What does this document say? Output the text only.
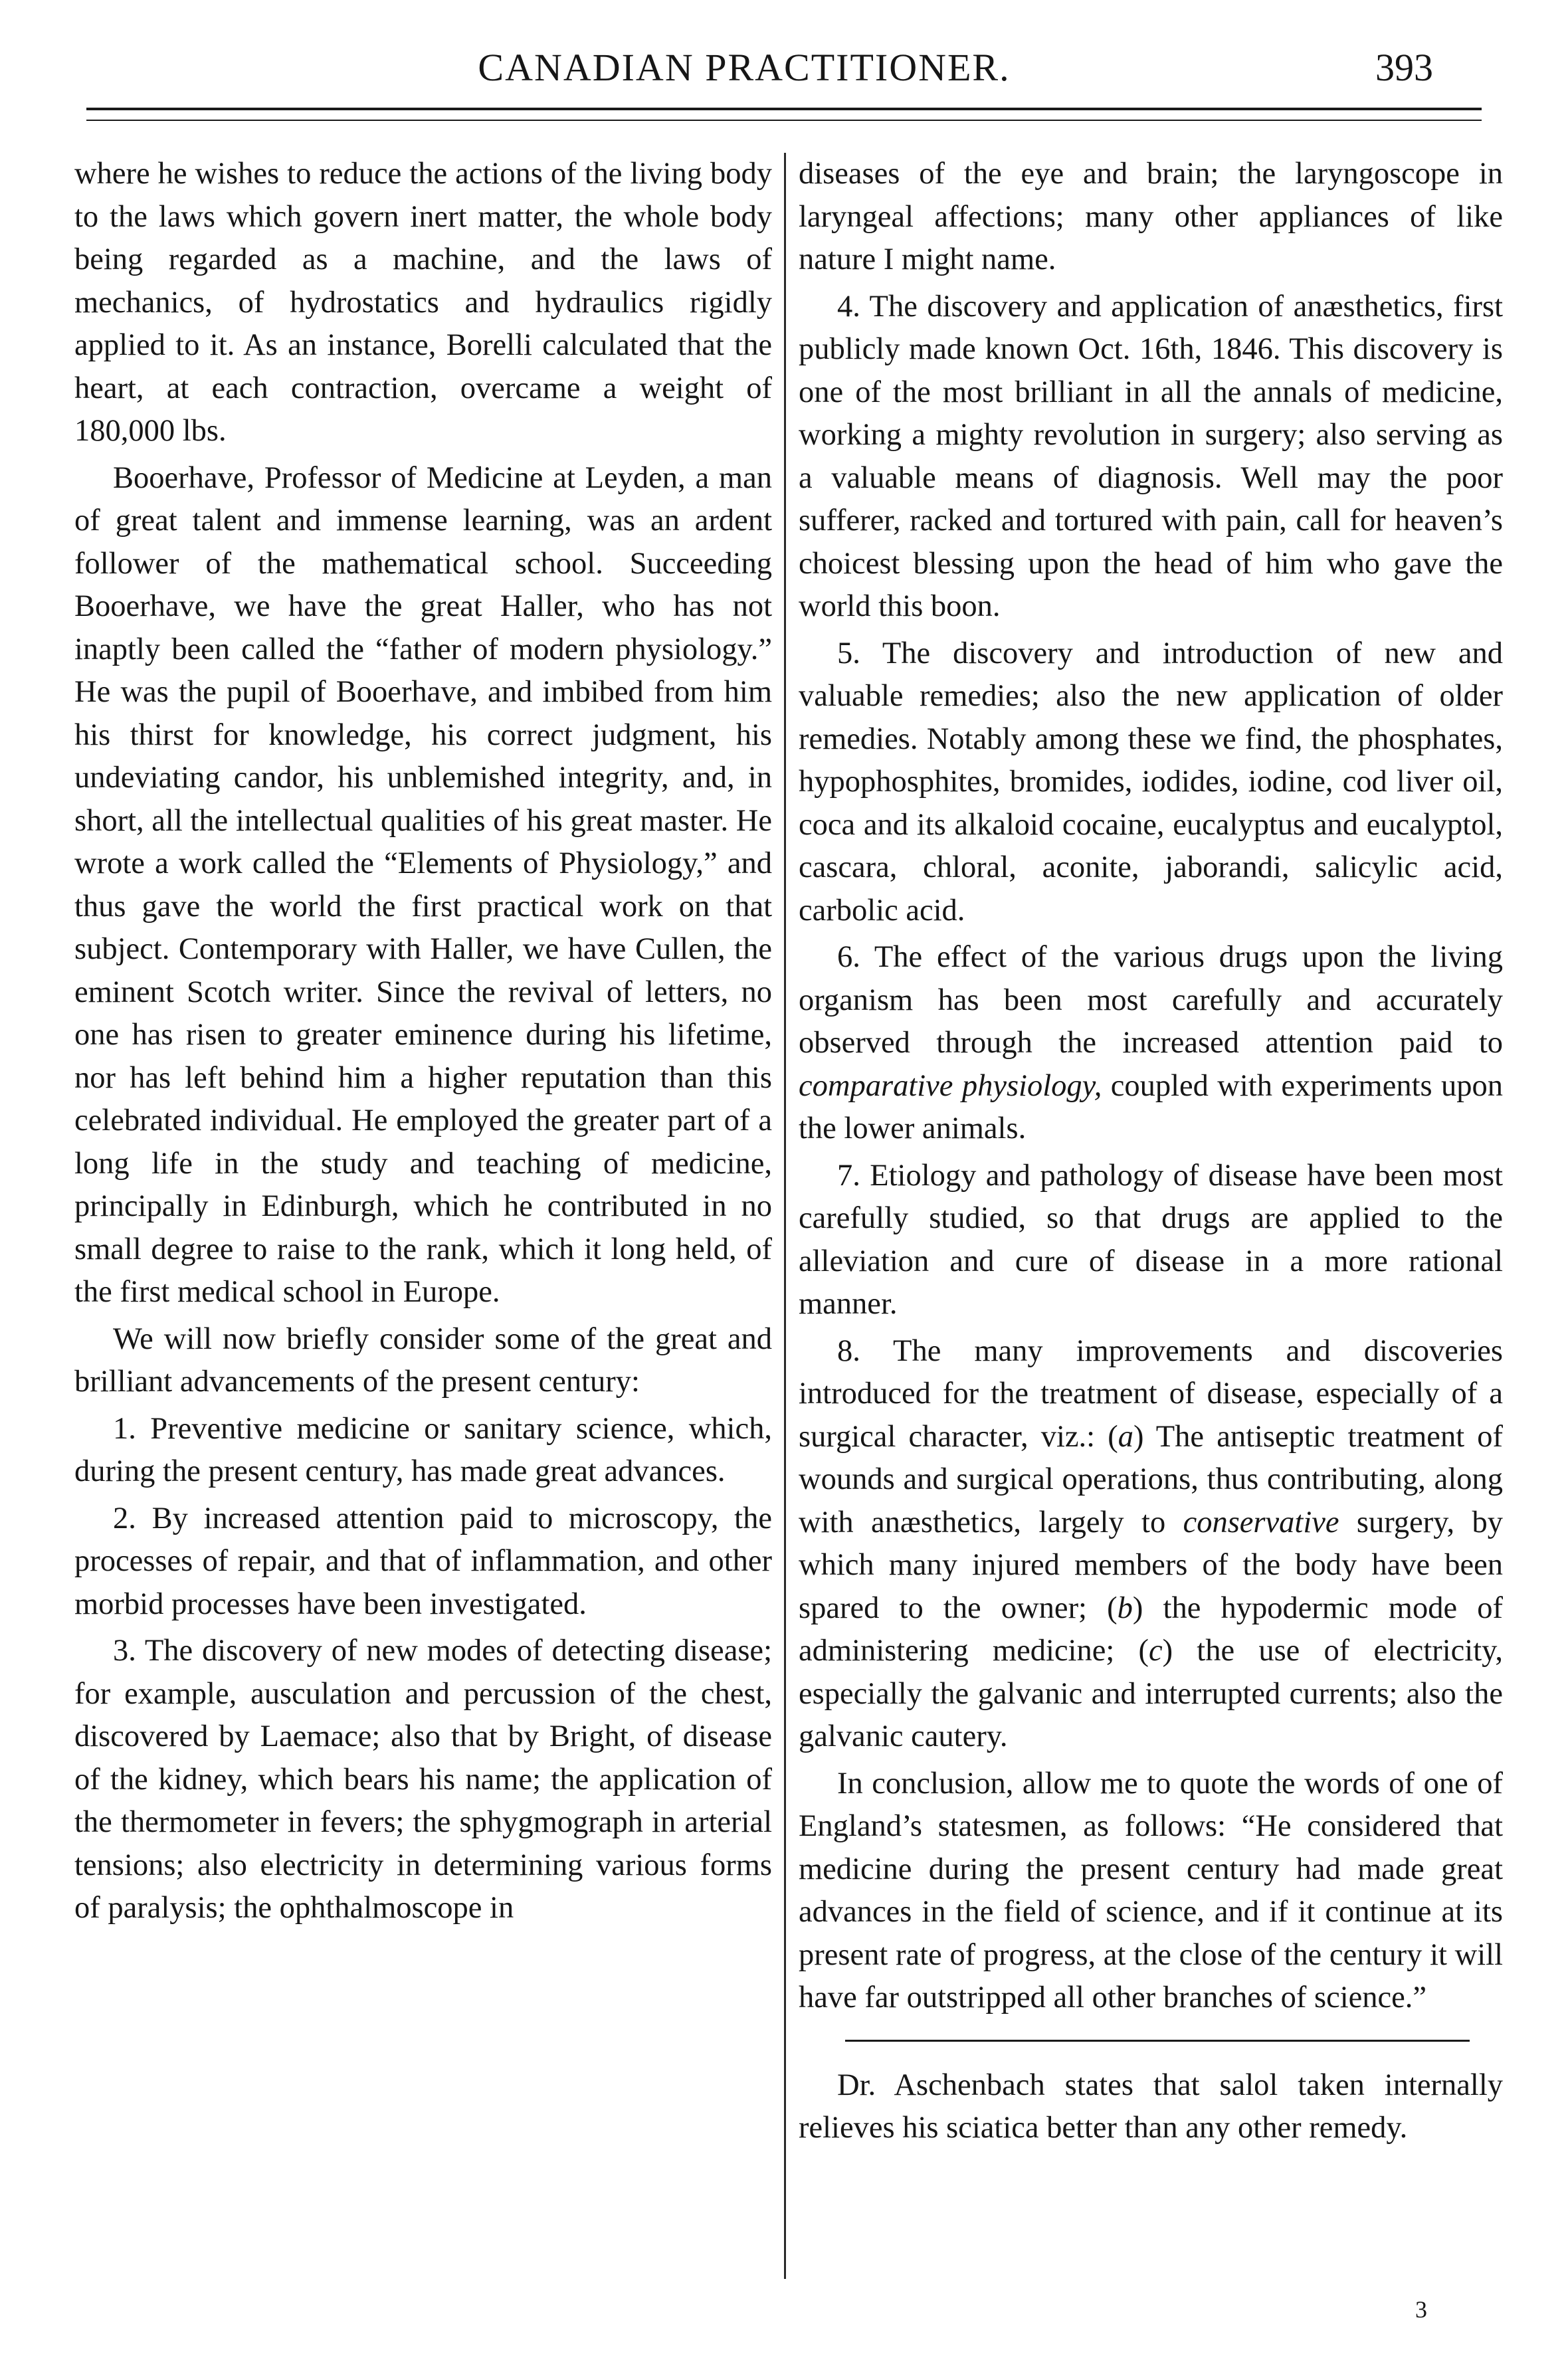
CANADIAN PRACTITIONER.	393

where he wishes to reduce the actions of the living body to the laws which govern inert matter, the whole body being regarded as a machine, and the laws of mechanics, of hydrostatics and hydraulics rigidly applied to it. As an instance, Borelli calculated that the heart, at each contraction, overcame a weight of 180,000 lbs.

Booerhave, Professor of Medicine at Leyden, a man of great talent and immense learning, was an ardent follower of the mathematical school. Succeeding Booerhave, we have the great Haller, who has not inaptly been called the “father of modern physiology.” He was the pupil of Booerhave, and imbibed from him his thirst for knowledge, his correct judgment, his undeviating candor, his unblemished integrity, and, in short, all the intellectual qualities of his great master. He wrote a work called the “Elements of Physiology,” and thus gave the world the first practical work on that subject. Contemporary with Haller, we have Cullen, the eminent Scotch writer. Since the revival of letters, no one has risen to greater eminence during his lifetime, nor has left behind him a higher reputation than this celebrated individual. He employed the greater part of a long life in the study and teaching of medicine, principally in Edinburgh, which he contributed in no small degree to raise to the rank, which it long held, of the first medical school in Europe.

We will now briefly consider some of the great and brilliant advancements of the present century:

1. Preventive medicine or sanitary science, which, during the present century, has made great advances.

2. By increased attention paid to microscopy, the processes of repair, and that of inflammation, and other morbid processes have been investigated.

3. The discovery of new modes of detecting disease; for example, ausculation and percussion of the chest, discovered by Laemace; also that by Bright, of disease of the kidney, which bears his name; the application of the thermometer in fevers; the sphygmograph in arterial tensions; also electricity in determining various forms of paralysis; the ophthalmoscope in

diseases of the eye and brain; the laryngoscope in laryngeal affections; many other appliances of like nature I might name.

4. The discovery and application of anæsthetics, first publicly made known Oct. 16th, 1846. This discovery is one of the most brilliant in all the annals of medicine, working a mighty revolution in surgery; also serving as a valuable means of diagnosis. Well may the poor sufferer, racked and tortured with pain, call for heaven’s choicest blessing upon the head of him who gave the world this boon.

5. The discovery and introduction of new and valuable remedies; also the new application of older remedies. Notably among these we find, the phosphates, hypophosphites, bromides, iodides, iodine, cod liver oil, coca and its alkaloid cocaine, eucalyptus and eucalyptol, cascara, chloral, aconite, jaborandi, salicylic acid, carbolic acid.

6. The effect of the various drugs upon the living organism has been most carefully and accurately observed through the increased attention paid to comparative physiology, coupled with experiments upon the lower animals.

7. Etiology and pathology of disease have been most carefully studied, so that drugs are applied to the alleviation and cure of disease in a more rational manner.

8. The many improvements and discoveries introduced for the treatment of disease, especially of a surgical character, viz.: (a) The antiseptic treatment of wounds and surgical operations, thus contributing, along with anæsthetics, largely to conservative surgery, by which many injured members of the body have been spared to the owner; (b) the hypodermic mode of administering medicine; (c) the use of electricity, especially the galvanic and interrupted currents; also the galvanic cautery.

In conclusion, allow me to quote the words of one of England’s statesmen, as follows: “He considered that medicine during the present century had made great advances in the field of science, and if it continue at its present rate of progress, at the close of the century it will have far outstripped all other branches of science.”

Dr. Aschenbach states that salol taken internally relieves his sciatica better than any other remedy.

3
